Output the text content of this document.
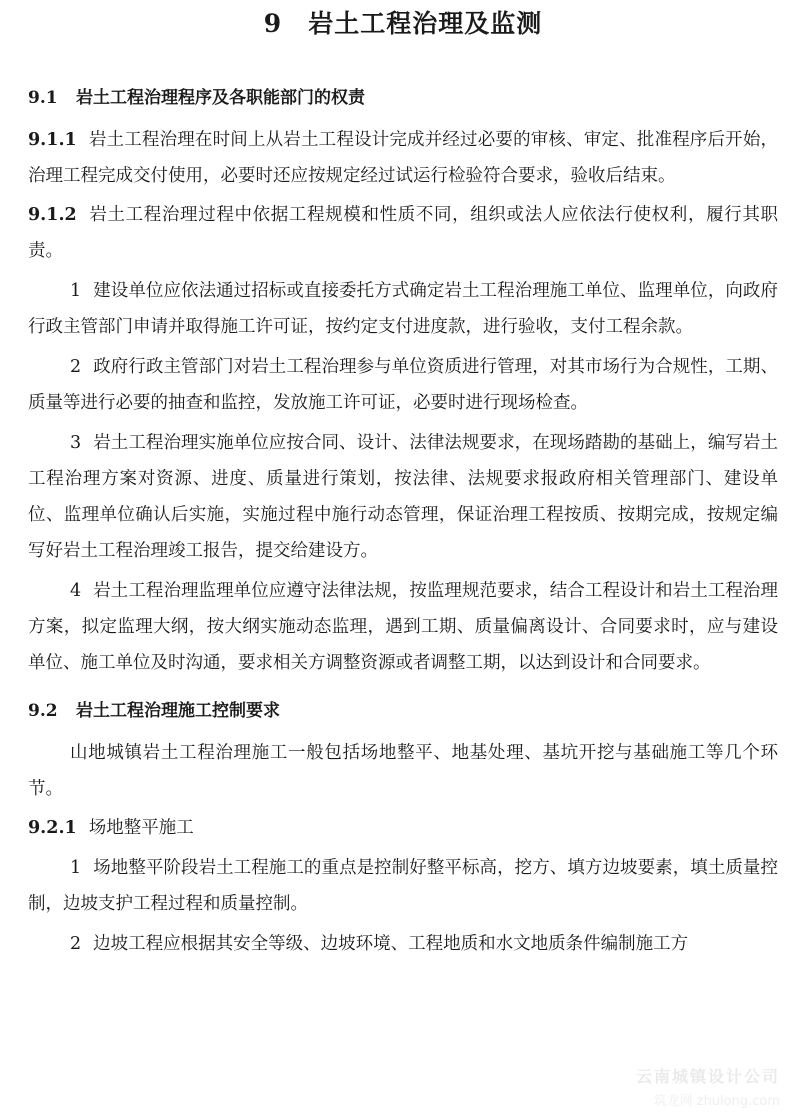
9 岩土工程治理及监测
9.1 岩土工程治理程序及各职能部门的权责
9.1.1 岩土工程治理在时间上从岩土工程设计完成并经过必要的审核、审定、批准程序后开始，治理工程完成交付使用，必要时还应按规定经过试运行检验符合要求，验收后结束。
9.1.2 岩土工程治理过程中依据工程规模和性质不同，组织或法人应依法行使权利，履行其职责。
1 建设单位应依法通过招标或直接委托方式确定岩土工程治理施工单位、监理单位，向政府行政主管部门申请并取得施工许可证，按约定支付进度款，进行验收，支付工程余款。
2 政府行政主管部门对岩土工程治理参与单位资质进行管理，对其市场行为合规性，工期、质量等进行必要的抽查和监控，发放施工许可证，必要时进行现场检查。
3 岩土工程治理实施单位应按合同、设计、法律法规要求，在现场踏勘的基础上，编写岩土工程治理方案对资源、进度、质量进行策划，按法律、法规要求报政府相关管理部门、建设单位、监理单位确认后实施，实施过程中施行动态管理，保证治理工程按质、按期完成，按规定编写好岩土工程治理竣工报告，提交给建设方。
4 岩土工程治理监理单位应遵守法律法规，按监理规范要求，结合工程设计和岩土工程治理方案，拟定监理大纲，按大纲实施动态监理，遇到工期、质量偏离设计、合同要求时，应与建设单位、施工单位及时沟通，要求相关方调整资源或者调整工期，以达到设计和合同要求。
9.2 岩土工程治理施工控制要求
山地城镇岩土工程治理施工一般包括场地整平、地基处理、基坑开挖与基础施工等几个环节。
9.2.1 场地整平施工
1 场地整平阶段岩土工程施工的重点是控制好整平标高，挖方、填方边坡要素，填土质量控制，边坡支护工程过程和质量控制。
2 边坡工程应根据其安全等级、边坡环境、工程地质和水文地质条件编制施工方
云南城镇设计公司
筑龙网 zhulong.com
